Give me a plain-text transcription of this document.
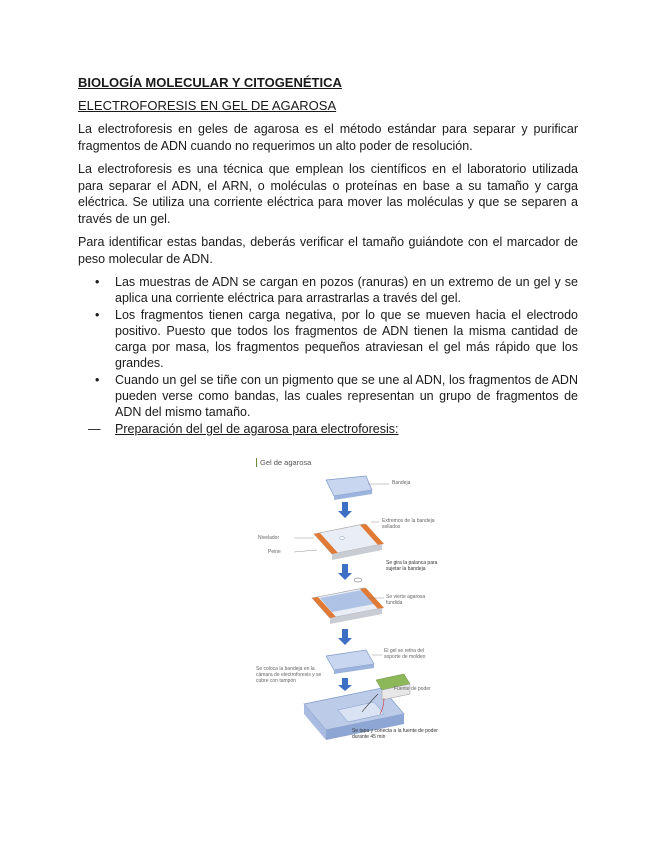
BIOLOGÍA MOLECULAR Y CITOGENÉTICA
ELECTROFORESIS EN GEL DE AGAROSA

La electroforesis en geles de agarosa es el método estándar para separar y purificar fragmentos de ADN cuando no requerimos un alto poder de resolución.

La electroforesis es una técnica que emplean los científicos en el laboratorio utilizada para separar el ADN, el ARN, o moléculas o proteínas en base a su tamaño y carga eléctrica. Se utiliza una corriente eléctrica para mover las moléculas y que se separen a través de un gel.

Para identificar estas bandas, deberás verificar el tamaño guiándote con el marcador de peso molecular de ADN.

• Las muestras de ADN se cargan en pozos (ranuras) en un extremo de un gel y se aplica una corriente eléctrica para arrastrarlas a través del gel.
• Los fragmentos tienen carga negativa, por lo que se mueven hacia el electrodo positivo. Puesto que todos los fragmentos de ADN tienen la misma cantidad de carga por masa, los fragmentos pequeños atraviesan el gel más rápido que los grandes.
• Cuando un gel se tiñe con un pigmento que se une al ADN, los fragmentos de ADN pueden verse como bandas, las cuales representan un grupo de fragmentos de ADN del mismo tamaño.
— Preparación del gel de agarosa para electroforesis:
Gel de agarosa
Bandeja
Extremos de la bandeja sellados
Nivelador
Peine
Se gira la palanca para sujetar la bandeja
Se vierte agarosa fundida
El gel se retira del soporte de moldeo
Se coloca la bandeja en la cámara de electroforesis y se cubre con tampón
Fuente de poder
Se tapa y conecta a la fuente de poder durante 45 min
